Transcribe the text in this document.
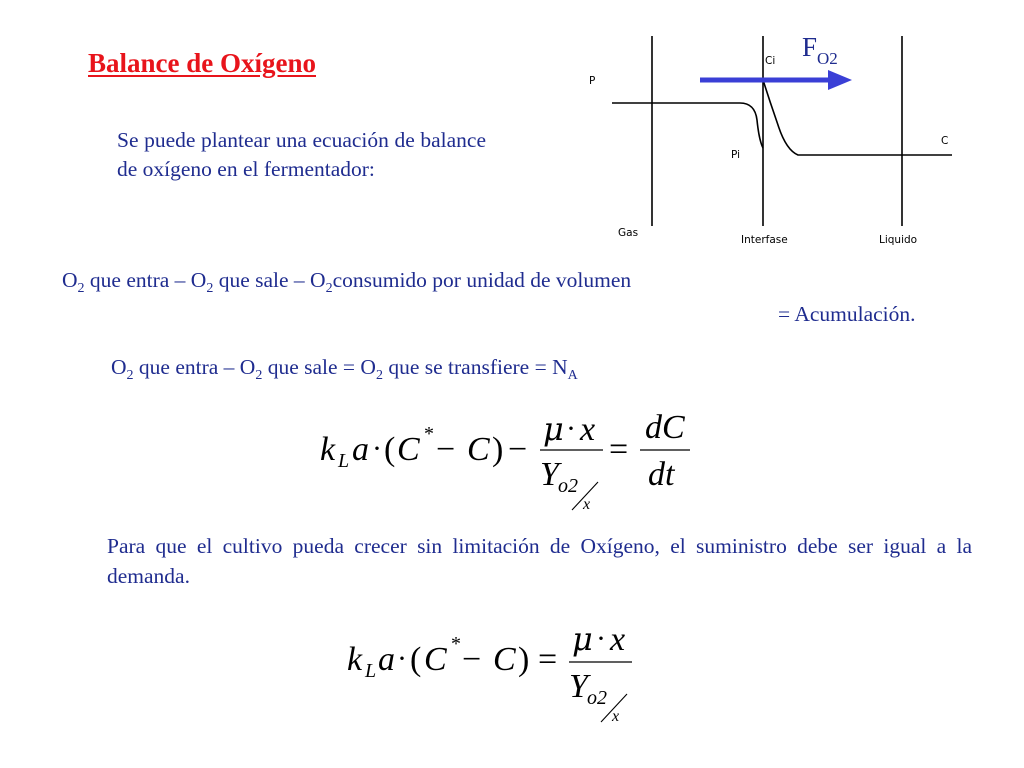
Balance de Oxígeno
Se puede plantear una ecuación de balance de oxígeno en el fermentador:
$F_{O2}$
P
Ci
Pi
C
Gas
Interfase	Liquido
$O_2$ que entra – $O_2$ que sale – $O_2consumido$ por unidad de volumen
= Acumulación.
$O_2$ que entra – $O_2$ que sale = $O_2$ que se transfiere = $N_A$
k L a · ( C * − C ) −
μ · x
Y o2
x
=
dC
dt
Para que el cultivo pueda crecer sin limitación de Oxígeno, el suministro debe ser igual a la demanda.
k L a · ( C * − C ) =
μ · x
Y o2
x
